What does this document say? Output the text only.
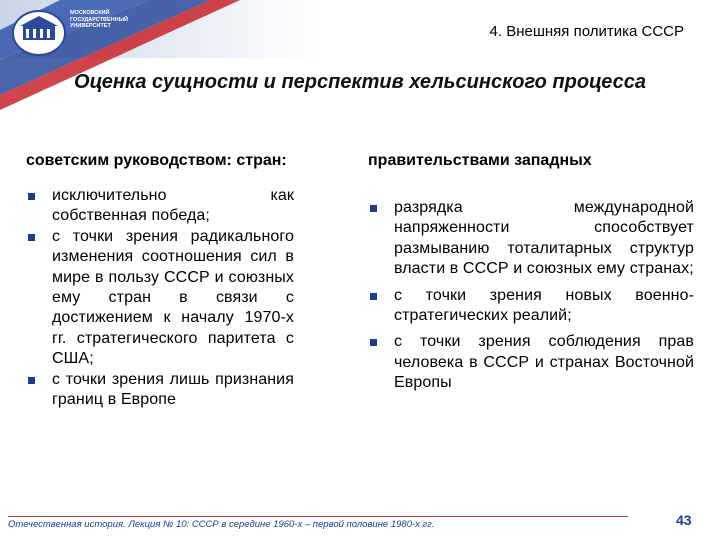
МОСКОВСКИЙ
ГОСУДАРСТВЕННЫЙ
УНИВЕРСИТЕТ	4. Внешняя политика СССР
Оценка сущности и перспектив хельсинского процесса
советским руководством: стран:
исключительно как собственная победа;
с точки зрения радикального изменения соотношения сил в мире в пользу СССР и союзных ему стран в связи с достижением к началу 1970-х гг. стратегического паритета с США;
с точки зрения лишь признания границ в Европе
правительствами западных
разрядка международной напряженности способствует размыванию тоталитарных структур власти в СССР и союзных ему странах;
с точки зрения новых военно-стратегических реалий;
с точки зрения соблюдения прав человека в СССР и странах Восточной Европы
Отечественная история. Лекция № 10: СССР в середине 1960-х – первой половине 1980-х гг.	43
